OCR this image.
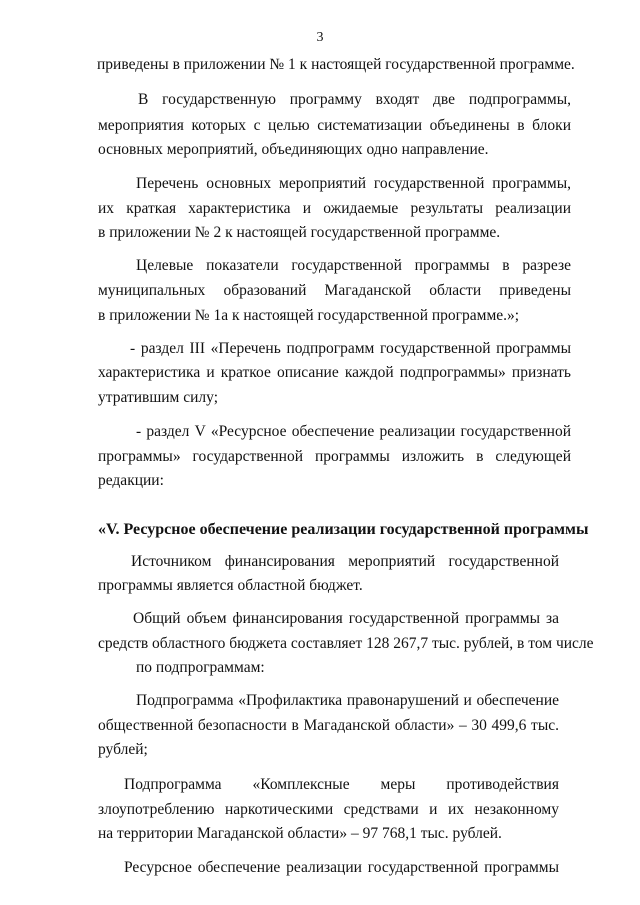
3
приведены в приложении № 1 к настоящей государственной программе.
В государственную программу входят две подпрограммы,
мероприятия которых с целью систематизации объединены в блоки
основных мероприятий, объединяющих одно направление.
Перечень основных мероприятий государственной программы,
их краткая характеристика и ожидаемые результаты реализации
в приложении № 2 к настоящей государственной программе.
Целевые показатели государственной программы в разрезе
муниципальных образований Магаданской области приведены
в приложении № 1а к настоящей государственной программе.»;
- раздел III «Перечень подпрограмм государственной программы
характеристика и краткое описание каждой подпрограммы» признать
утратившим силу;
- раздел V «Ресурсное обеспечение реализации государственной
программы» государственной программы изложить в следующей
редакции:
«V. Ресурсное обеспечение реализации государственной программы
Источником финансирования мероприятий государственной
программы является областной бюджет.
Общий объем финансирования государственной программы за
средств областного бюджета составляет 128 267,7 тыс. рублей, в том числе
по подпрограммам:
Подпрограмма «Профилактика правонарушений и обеспечение
общественной безопасности в Магаданской области» – 30 499,6 тыс.
рублей;
Подпрограмма «Комплексные меры противодействия
злоупотреблению наркотическими средствами и их незаконному
на территории Магаданской области» – 97 768,1 тыс. рублей.
Ресурсное обеспечение реализации государственной программы
